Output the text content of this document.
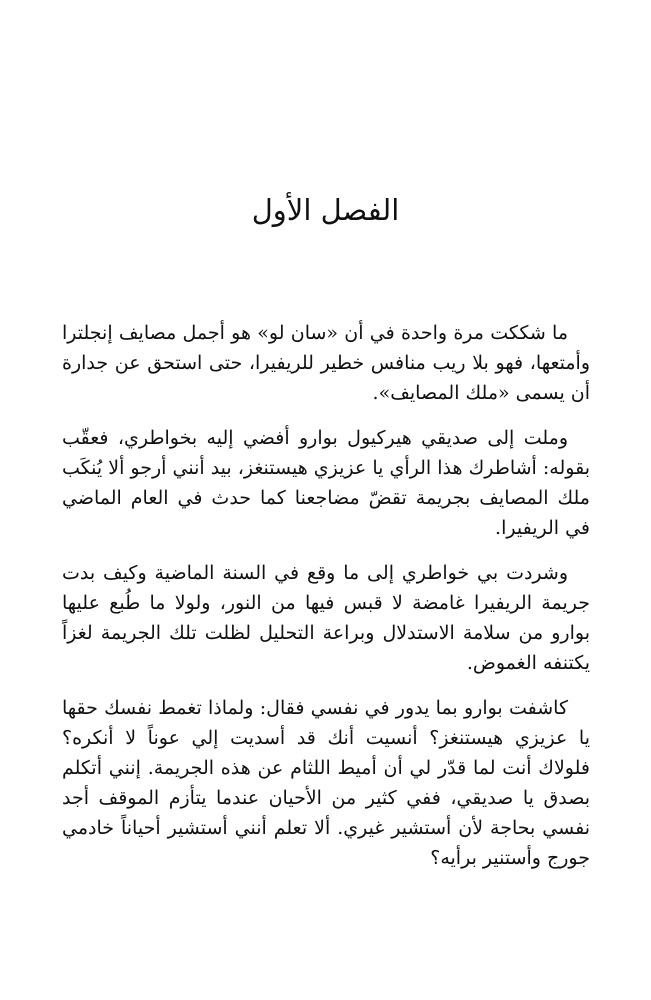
الفصل الأول

ما شككت مرة واحدة في أن «سان لو» هو أجمل مصايف إنجلترا وأمتعها، فهو بلا ريب منافس خطير للريفيرا، حتى استحق عن جدارة أن يسمى «ملك المصايف».

وملت إلى صديقي هيركيول بوارو أفضي إليه بخواطري، فعقّب بقوله: أشاطرك هذا الرأي يا عزيزي هيستنغز، بيد أنني أرجو ألا يُنكَب ملك المصايف بجريمة تقضّ مضاجعنا كما حدث في العام الماضي في الريفيرا.

وشردت بي خواطري إلى ما وقع في السنة الماضية وكيف بدت جريمة الريفيرا غامضة لا قبس فيها من النور، ولولا ما طُبع عليها بوارو من سلامة الاستدلال وبراعة التحليل لظلت تلك الجريمة لغزاً يكتنفه الغموض.

كاشفت بوارو بما يدور في نفسي فقال: ولماذا تغمط نفسك حقها يا عزيزي هيستنغز؟ أنسيت أنك قد أسديت إلي عوناً لا أنكره؟ فلولاك أنت لما قدّر لي أن أميط اللثام عن هذه الجريمة. إنني أتكلم بصدق يا صديقي، ففي كثير من الأحيان عندما يتأزم الموقف أجد نفسي بحاجة لأن أستشير غيري. ألا تعلم أنني أستشير أحياناً خادمي جورج وأستنير برأيه؟
